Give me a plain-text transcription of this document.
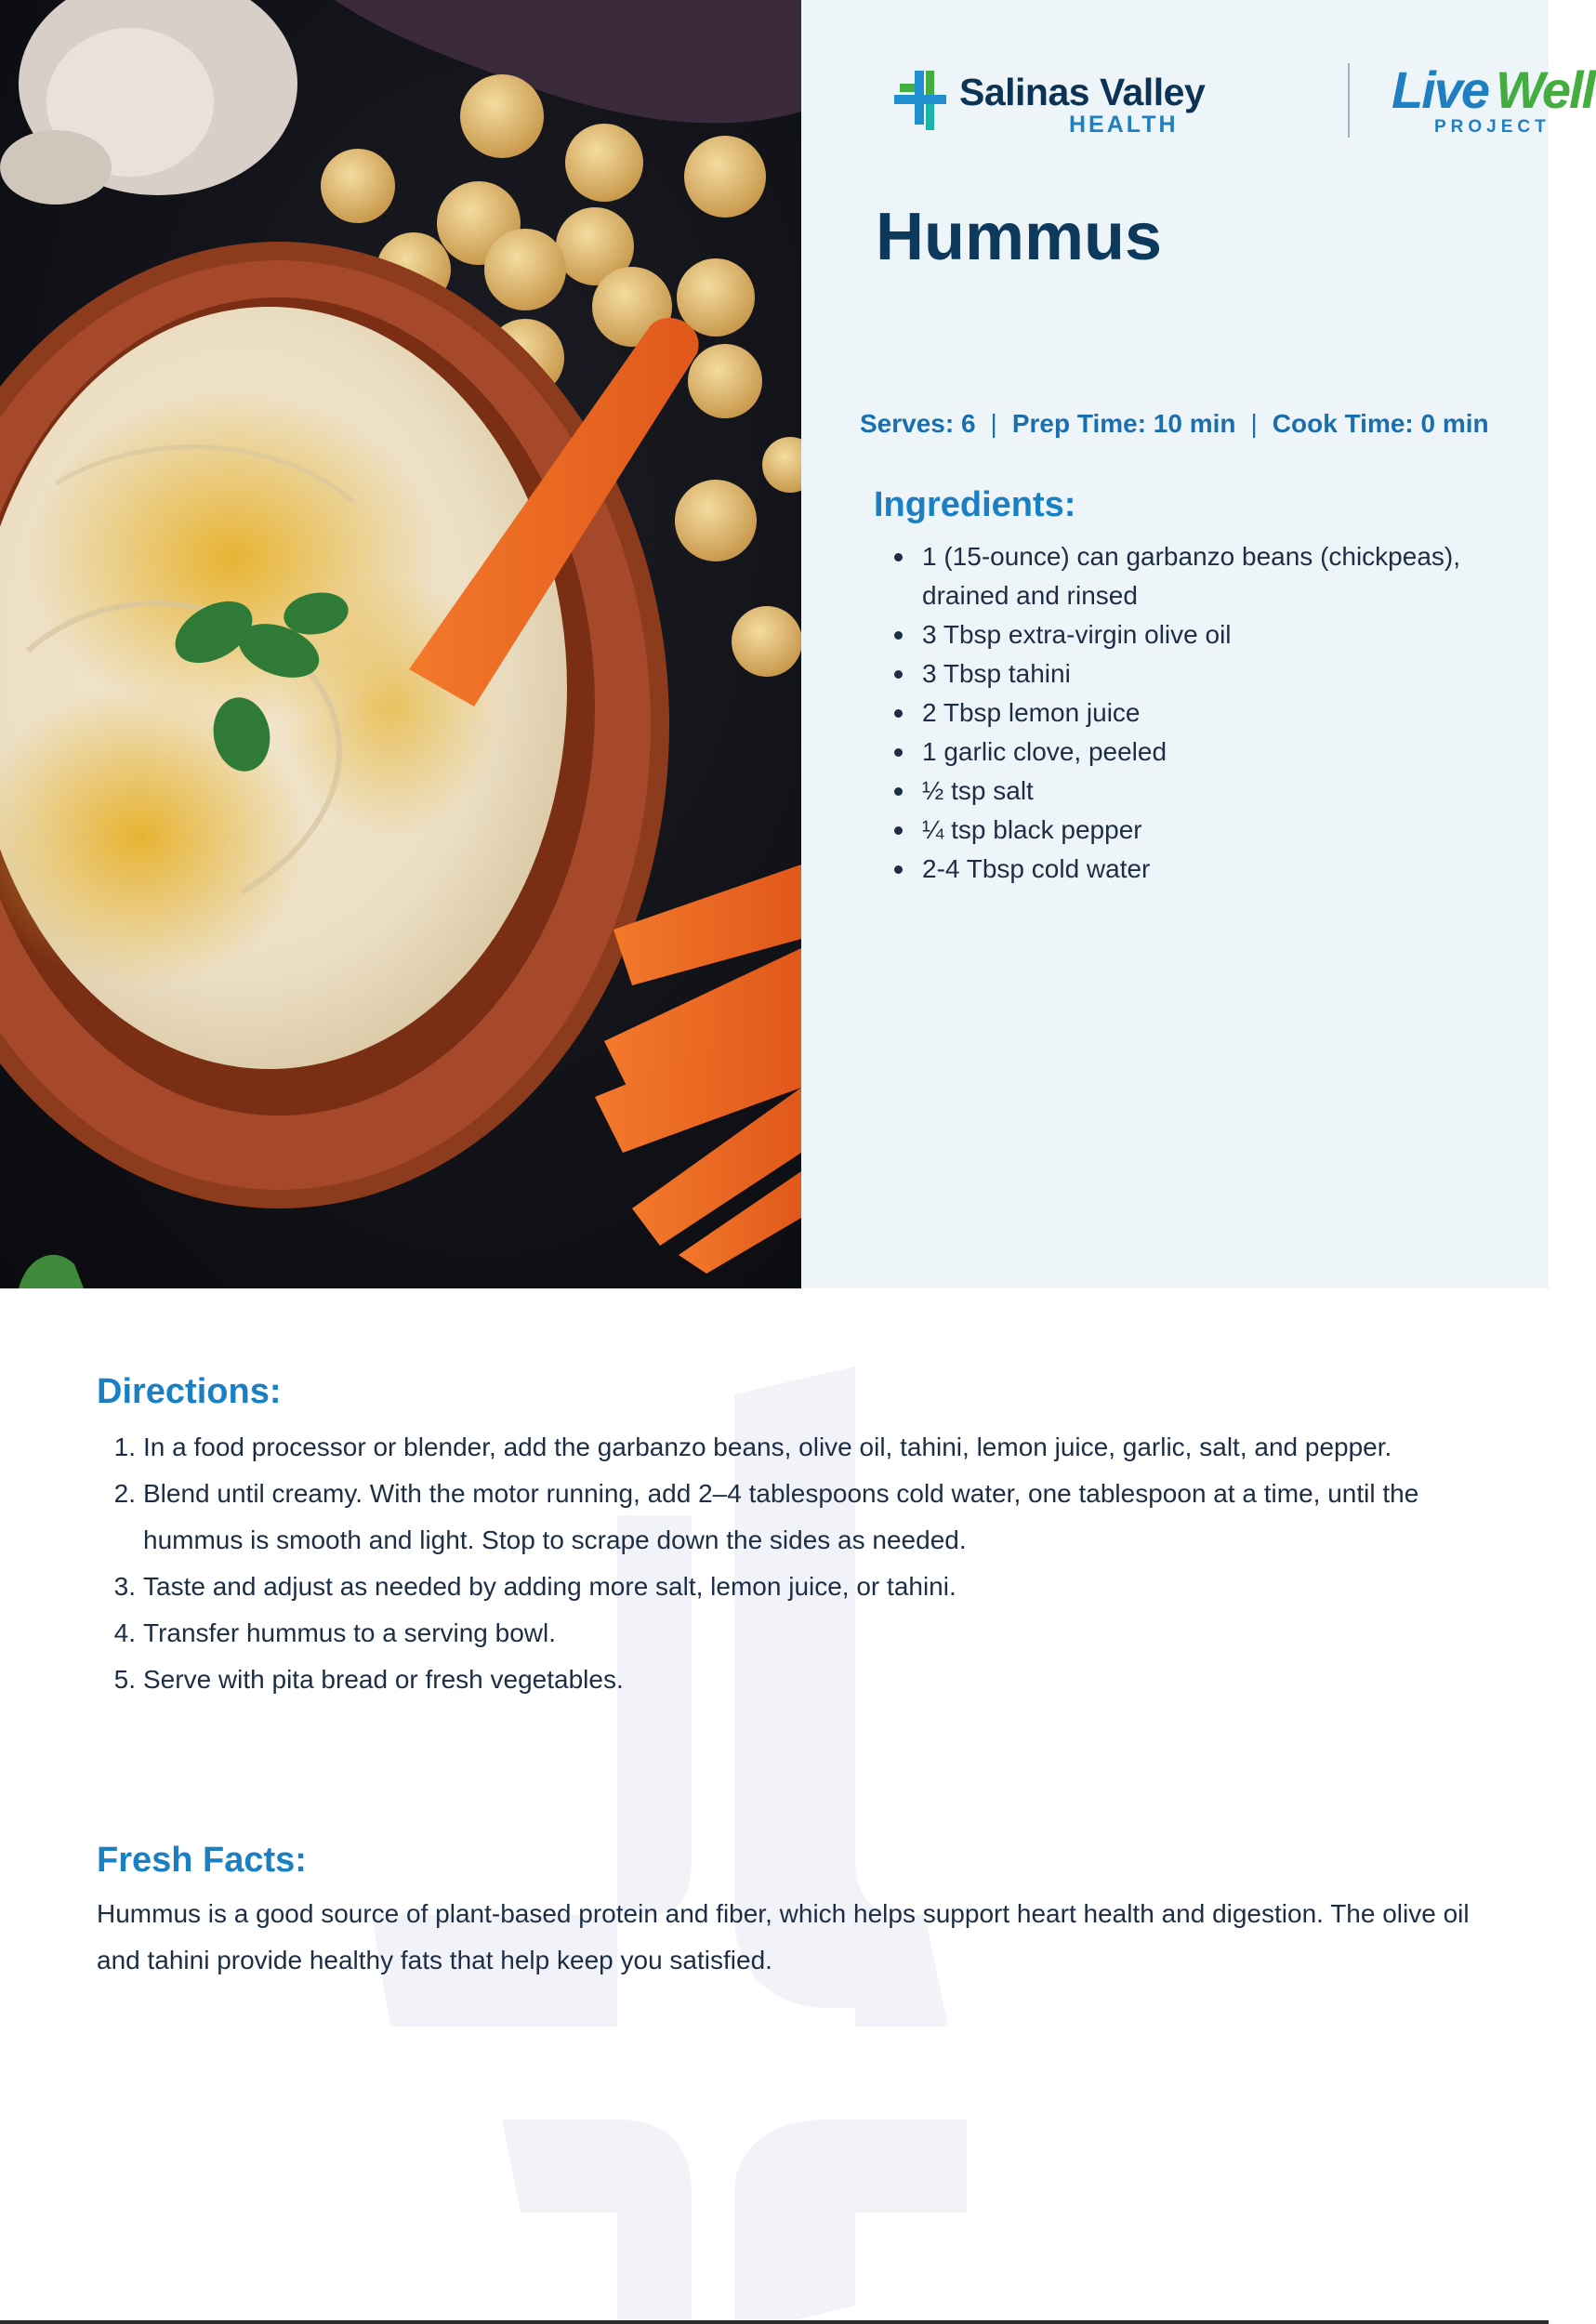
Salinas Valley
HEALTH
Live Well
PROJECT
Hummus
Serves: 6 | Prep Time: 10 min | Cook Time: 0 min
Ingredients:
1 (15-ounce) can garbanzo beans (chickpeas), drained and rinsed
3 Tbsp extra-virgin olive oil
3 Tbsp tahini
2 Tbsp lemon juice
1 garlic clove, peeled
½ tsp salt
¼ tsp black pepper
2-4 Tbsp cold water
Directions:
1. In a food processor or blender, add the garbanzo beans, olive oil, tahini, lemon juice, garlic, salt, and pepper.
2. Blend until creamy. With the motor running, add 2–4 tablespoons cold water, one tablespoon at a time, until the hummus is smooth and light. Stop to scrape down the sides as needed.
3. Taste and adjust as needed by adding more salt, lemon juice, or tahini.
4. Transfer hummus to a serving bowl.
5. Serve with pita bread or fresh vegetables.
Fresh Facts:

Hummus is a good source of plant-based protein and fiber, which helps support heart health and digestion. The olive oil and tahini provide healthy fats that help keep you satisfied.
